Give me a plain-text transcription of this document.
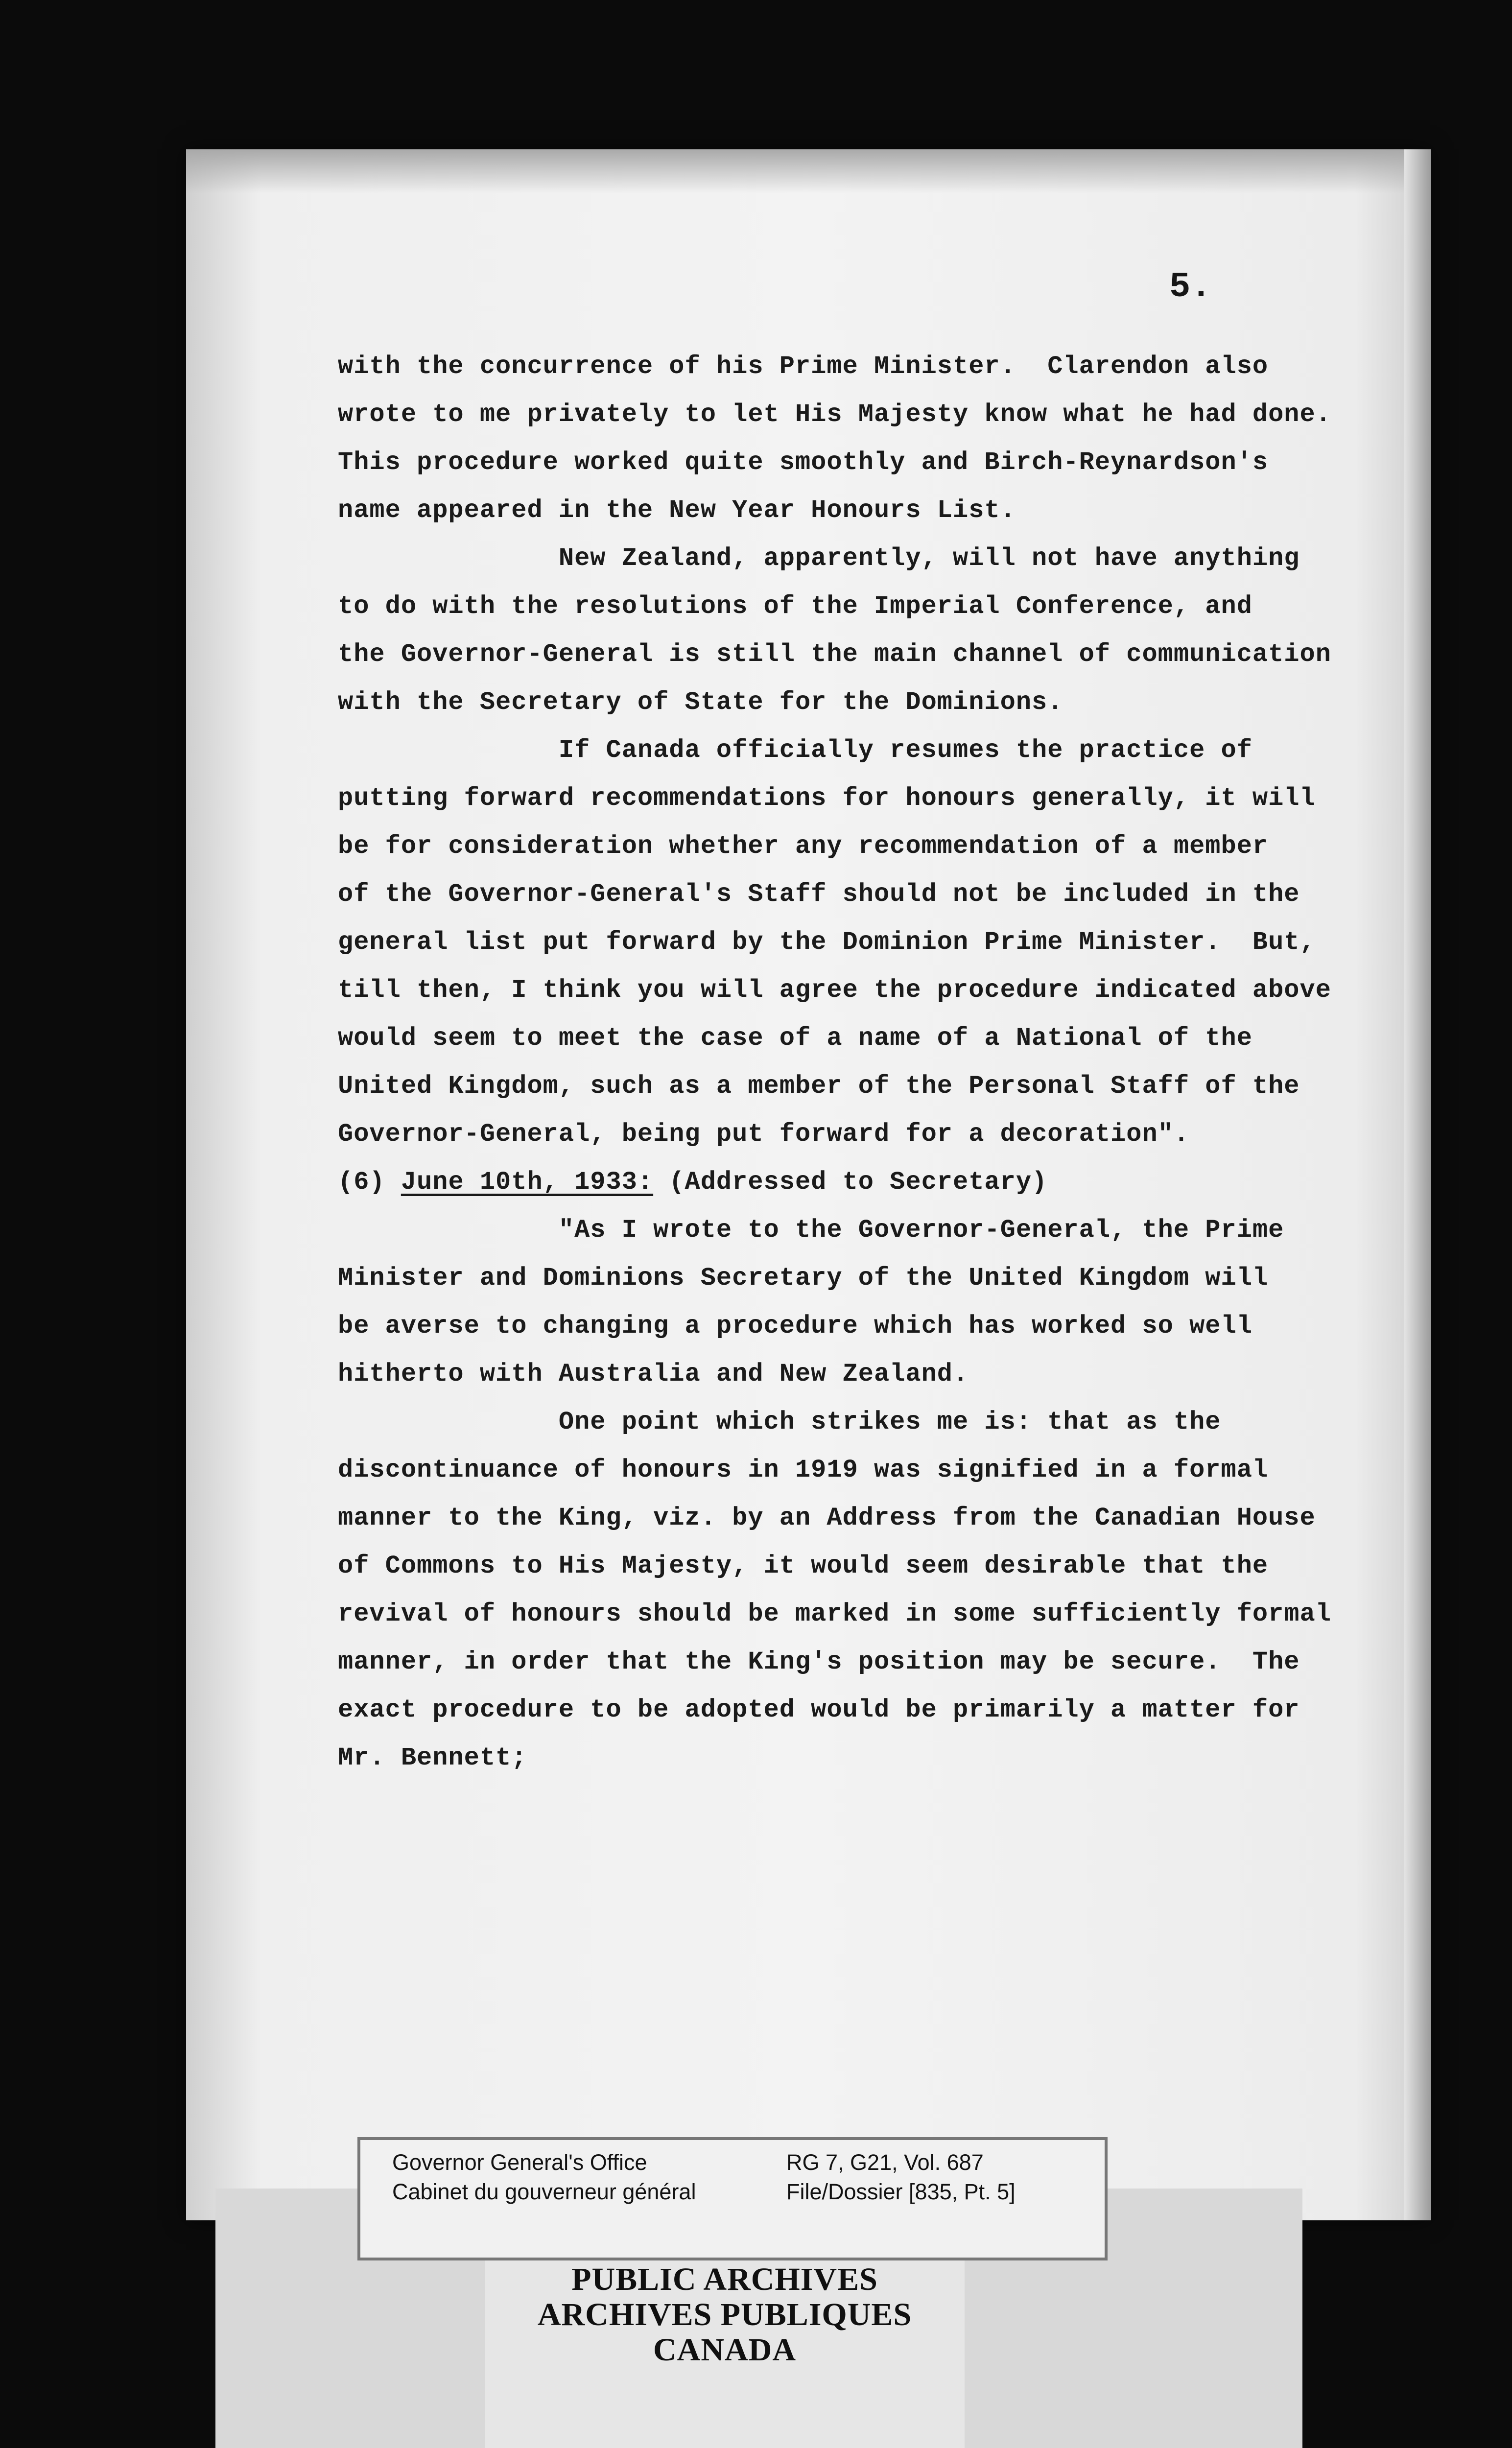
5.

with the concurrence of his Prime Minister.  Clarendon also

wrote to me privately to let His Majesty know what he had done.

This procedure worked quite smoothly and Birch-Reynardson's

name appeared in the New Year Honours List.

New Zealand, apparently, will not have anything

to do with the resolutions of the Imperial Conference, and

the Governor-General is still the main channel of communication

with the Secretary of State for the Dominions.

If Canada officially resumes the practice of

putting forward recommendations for honours generally, it will

be for consideration whether any recommendation of a member

of the Governor-General's Staff should not be included in the

general list put forward by the Dominion Prime Minister.  But,

till then, I think you will agree the procedure indicated above

would seem to meet the case of a name of a National of the

United Kingdom, such as a member of the Personal Staff of the

Governor-General, being put forward for a decoration".

(6) June 10th, 1933: (Addressed to Secretary)

"As I wrote to the Governor-General, the Prime

Minister and Dominions Secretary of the United Kingdom will

be averse to changing a procedure which has worked so well

hitherto with Australia and New Zealand.

One point which strikes me is: that as the

discontinuance of honours in 1919 was signified in a formal

manner to the King, viz. by an Address from the Canadian House

of Commons to His Majesty, it would seem desirable that the

revival of honours should be marked in some sufficiently formal

manner, in order that the King's position may be secure.  The

exact procedure to be adopted would be primarily a matter for

Mr. Bennett;

Governor General's Office
Cabinet du gouverneur général
RG 7, G21, Vol. 687
File/Dossier [835, Pt. 5]
PUBLIC ARCHIVES
ARCHIVES PUBLIQUES
CANADA
